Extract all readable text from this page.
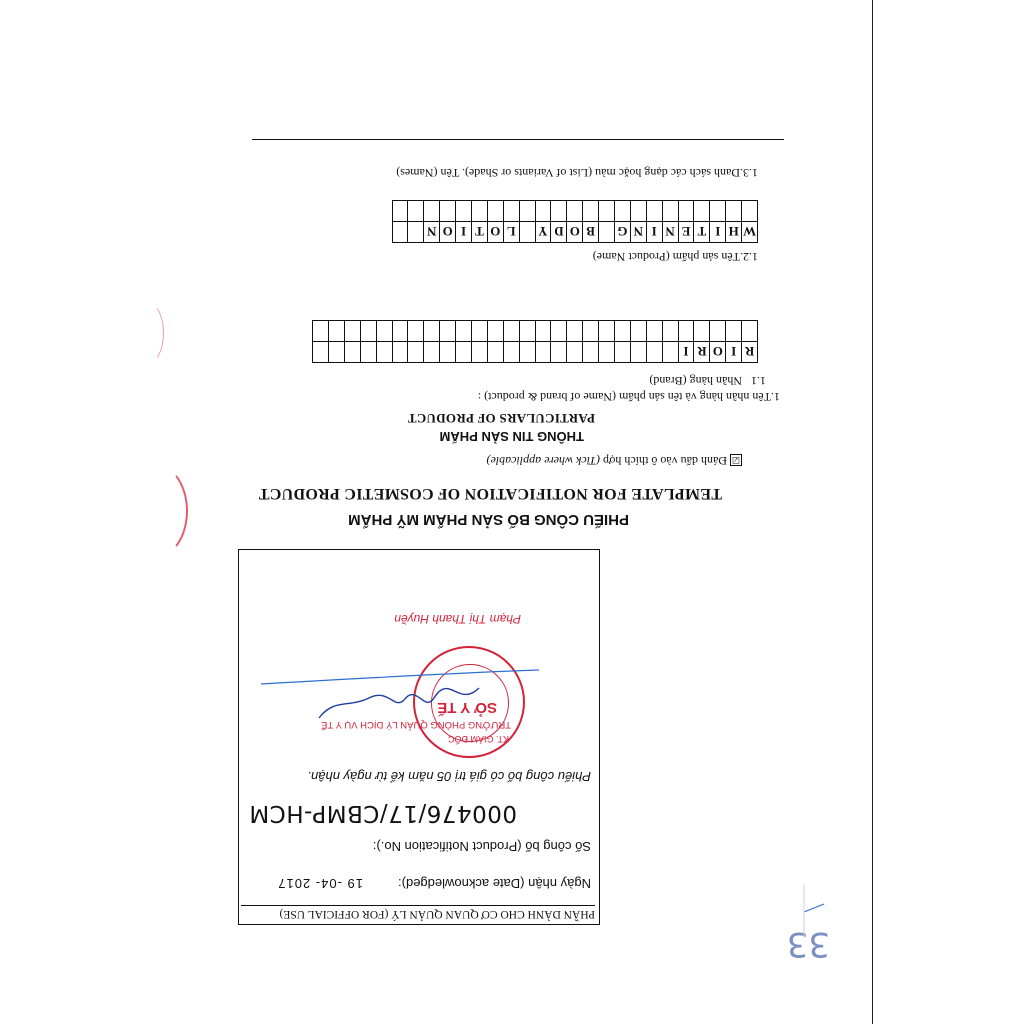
PHẦN DÀNH CHO CƠ QUAN QUẢN LÝ (FOR OFFICIAL USE)
Ngày nhận (Date acknowledged):
19 -04- 2017
Số công bố (Product Notification No.):
000476/17/CBMP-HCM
Phiếu công bố có giá trị 05 năm kể từ ngày nhận.
SỞ Y TẾ
KT. GIÁM ĐỐC
TRƯỞNG PHÒNG QUẢN LÝ DỊCH VỤ Y TẾ
Phạm Thị Thanh Huyền
PHIẾU CÔNG BỐ SẢN PHẨM MỸ PHẨM
TEMPLATE FOR NOTIFICATION OF COSMETIC PRODUCT
☑Đánh dấu vào ô thích hợp (Tick where applicable)
THÔNG TIN SẢN PHẨM
PARTICULARS OF PRODUCT
1.Tên nhãn hàng và tên sản phẩm (Name of brand & product) :
1.1   Nhãn hàng (Brand)
R
I
O
R
I
1.2.Tên sản phẩm (Product Name)
W
H
I
T
E
N
I
N
G
B
O
D
Y
L
O
T
I
O
N
1.3.Danh sách các dạng hoặc màu (List of Variants or Shade). Tên (Names)
33
